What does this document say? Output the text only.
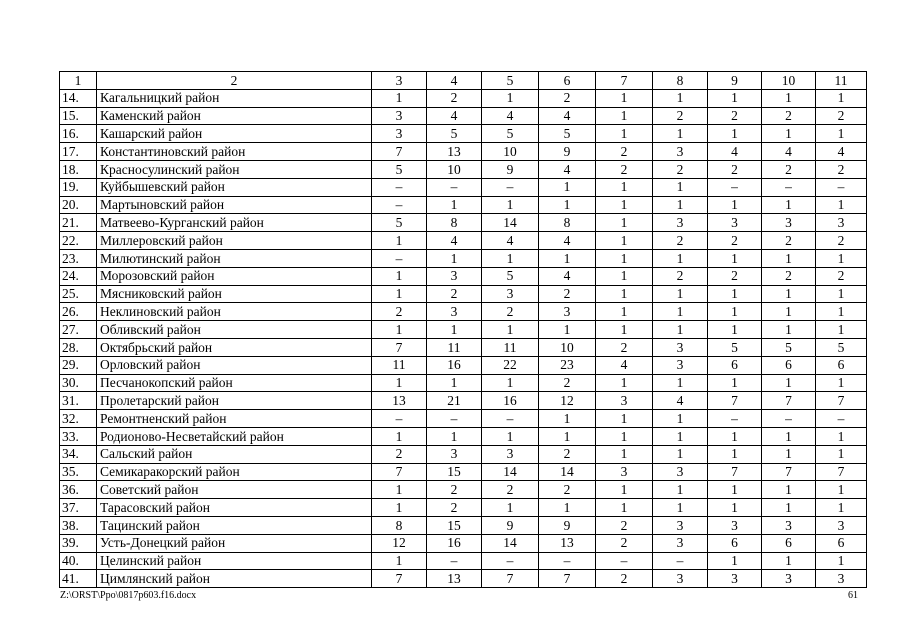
1	2	3	4	5	6	7	8	9	10	11
14.	Кагальницкий район	1	2	1	2	1	1	1	1	1
15.	Каменский район	3	4	4	4	1	2	2	2	2
16.	Кашарский район	3	5	5	5	1	1	1	1	1
17.	Константиновский район	7	13	10	9	2	3	4	4	4
18.	Красносулинский район	5	10	9	4	2	2	2	2	2
19.	Куйбышевский район	–	–	–	1	1	1	–	–	–
20.	Мартыновский район	–	1	1	1	1	1	1	1	1
21.	Матвеево-Курганский район	5	8	14	8	1	3	3	3	3
22.	Миллеровский район	1	4	4	4	1	2	2	2	2
23.	Милютинский район	–	1	1	1	1	1	1	1	1
24.	Морозовский район	1	3	5	4	1	2	2	2	2
25.	Мясниковский район	1	2	3	2	1	1	1	1	1
26.	Неклиновский район	2	3	2	3	1	1	1	1	1
27.	Обливский район	1	1	1	1	1	1	1	1	1
28.	Октябрьский район	7	11	11	10	2	3	5	5	5
29.	Орловский район	11	16	22	23	4	3	6	6	6
30.	Песчанокопский район	1	1	1	2	1	1	1	1	1
31.	Пролетарский район	13	21	16	12	3	4	7	7	7
32.	Ремонтненский район	–	–	–	1	1	1	–	–	–
33.	Родионово-Несветайский район	1	1	1	1	1	1	1	1	1
34.	Сальский район	2	3	3	2	1	1	1	1	1
35.	Семикаракорский район	7	15	14	14	3	3	7	7	7
36.	Советский район	1	2	2	2	1	1	1	1	1
37.	Тарасовский район	1	2	1	1	1	1	1	1	1
38.	Тацинский район	8	15	9	9	2	3	3	3	3
39.	Усть-Донецкий район	12	16	14	13	2	3	6	6	6
40.	Целинский район	1	–	–	–	–	–	1	1	1
41.	Цимлянский район	7	13	7	7	2	3	3	3	3
Z:\ORST\Ppo\0817p603.f16.docx	61
